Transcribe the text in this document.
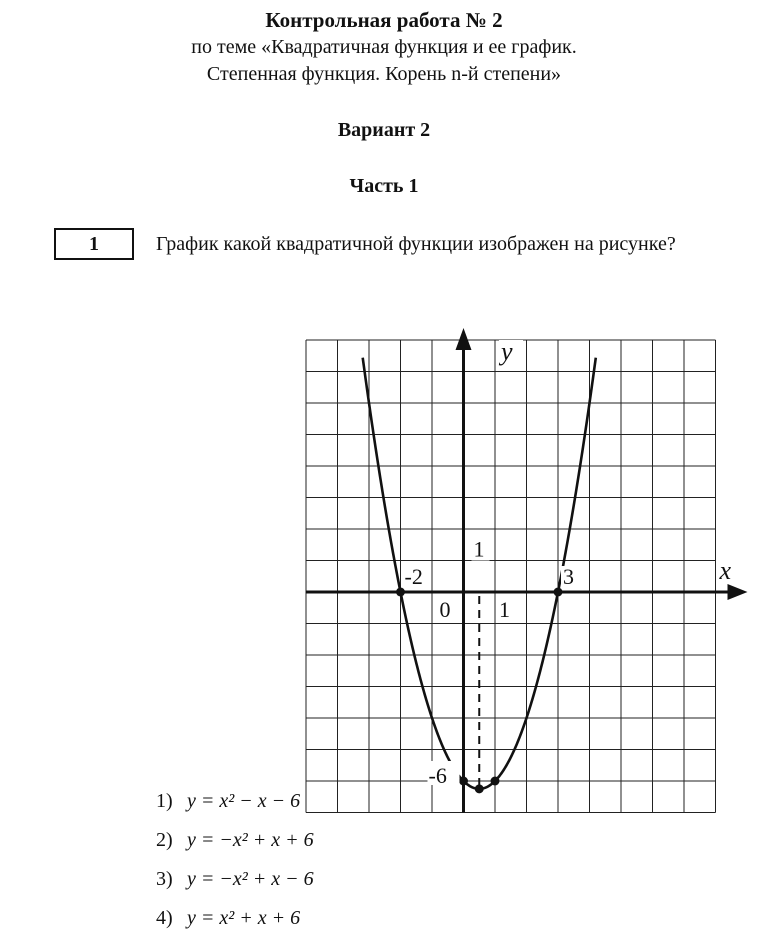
Контрольная работа № 2
по теме «Квадратичная функция и ее график.
Степенная функция. Корень n-й степени»
Вариант 2
Часть 1
1	График какой квадратичной функции изображен на рисунке?
-2	3
-6
1
0 1
x
y
1) y = x² − x − 6
2) y = −x² + x + 6
3) y = −x² + x − 6
4) y = x² + x + 6
